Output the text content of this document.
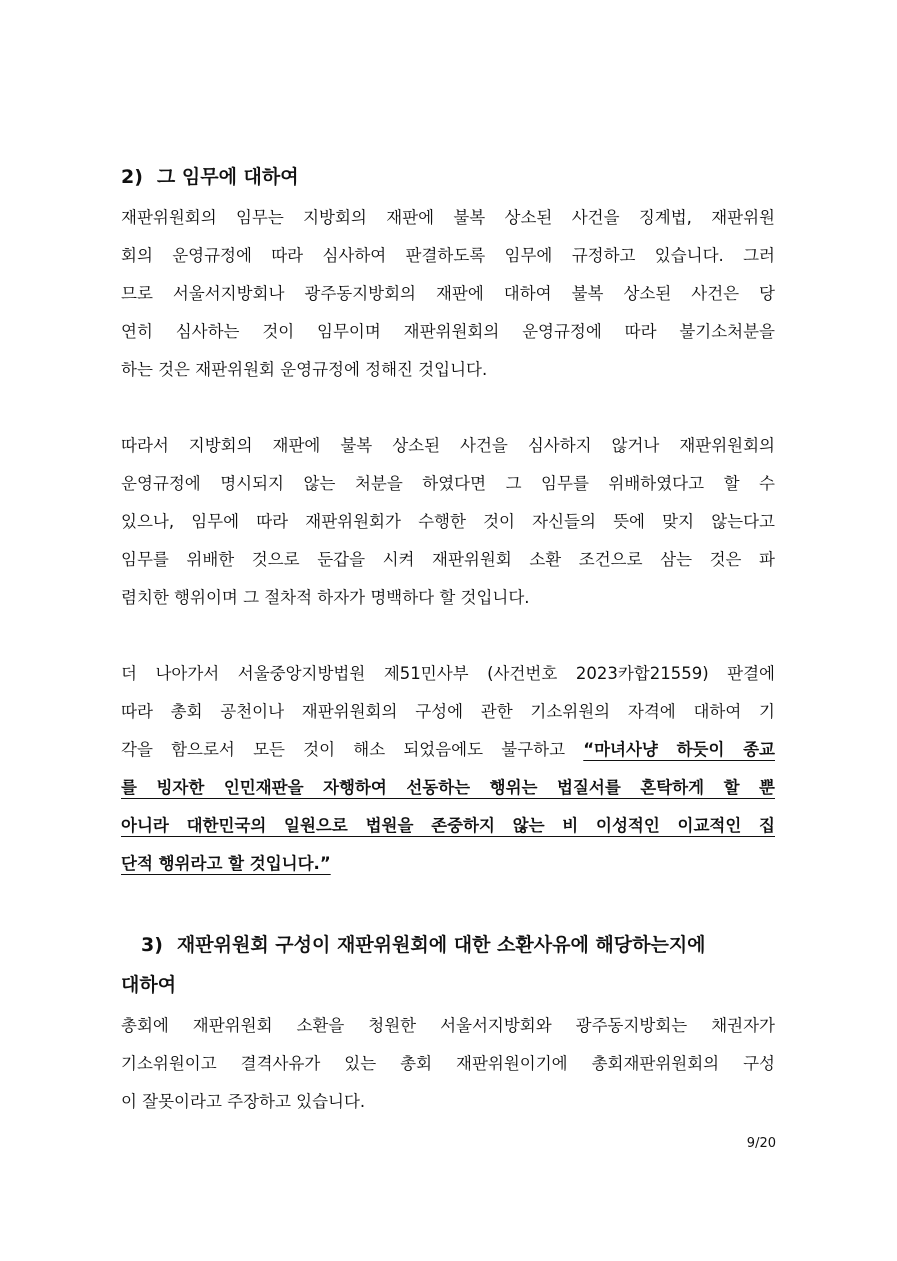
2) 그 임무에 대하여
재판위원회의 임무는 지방회의 재판에 불복 상소된 사건을 징계법, 재판위원
회의 운영규정에 따라 심사하여 판결하도록 임무에 규정하고 있습니다. 그러
므로 서울서지방회나 광주동지방회의 재판에 대하여 불복 상소된 사건은 당
연히 심사하는 것이 임무이며 재판위원회의 운영규정에 따라 불기소처분을
하는 것은 재판위원회 운영규정에 정해진 것입니다.
따라서 지방회의 재판에 불복 상소된 사건을 심사하지 않거나 재판위원회의
운영규정에 명시되지 않는 처분을 하였다면 그 임무를 위배하였다고 할 수
있으나, 임무에 따라 재판위원회가 수행한 것이 자신들의 뜻에 맞지 않는다고
임무를 위배한 것으로 둔갑을 시켜 재판위원회 소환 조건으로 삼는 것은 파
렴치한 행위이며 그 절차적 하자가 명백하다 할 것입니다.
더 나아가서 서울중앙지방법원 제51민사부 (사건번호 2023카합21559) 판결에
따라 총회 공천이나 재판위원회의 구성에 관한 기소위원의 자격에 대하여 기
각을 함으로서 모든 것이 해소 되었음에도 불구하고 “마녀사냥 하듯이 종교
를 빙자한 인민재판을 자행하여 선동하는 행위는 법질서를 혼탁하게 할 뿐
아니라 대한민국의 일원으로 법원을 존중하지 않는 비 이성적인 이교적인 집
단적 행위라고 할 것입니다.”
3) 재판위원회 구성이 재판위원회에 대한 소환사유에 해당하는지에
대하여
총회에 재판위원회 소환을 청원한 서울서지방회와 광주동지방회는 채권자가
기소위원이고 결격사유가 있는 총회 재판위원이기에 총회재판위원회의 구성
이 잘못이라고 주장하고 있습니다.
9/20
